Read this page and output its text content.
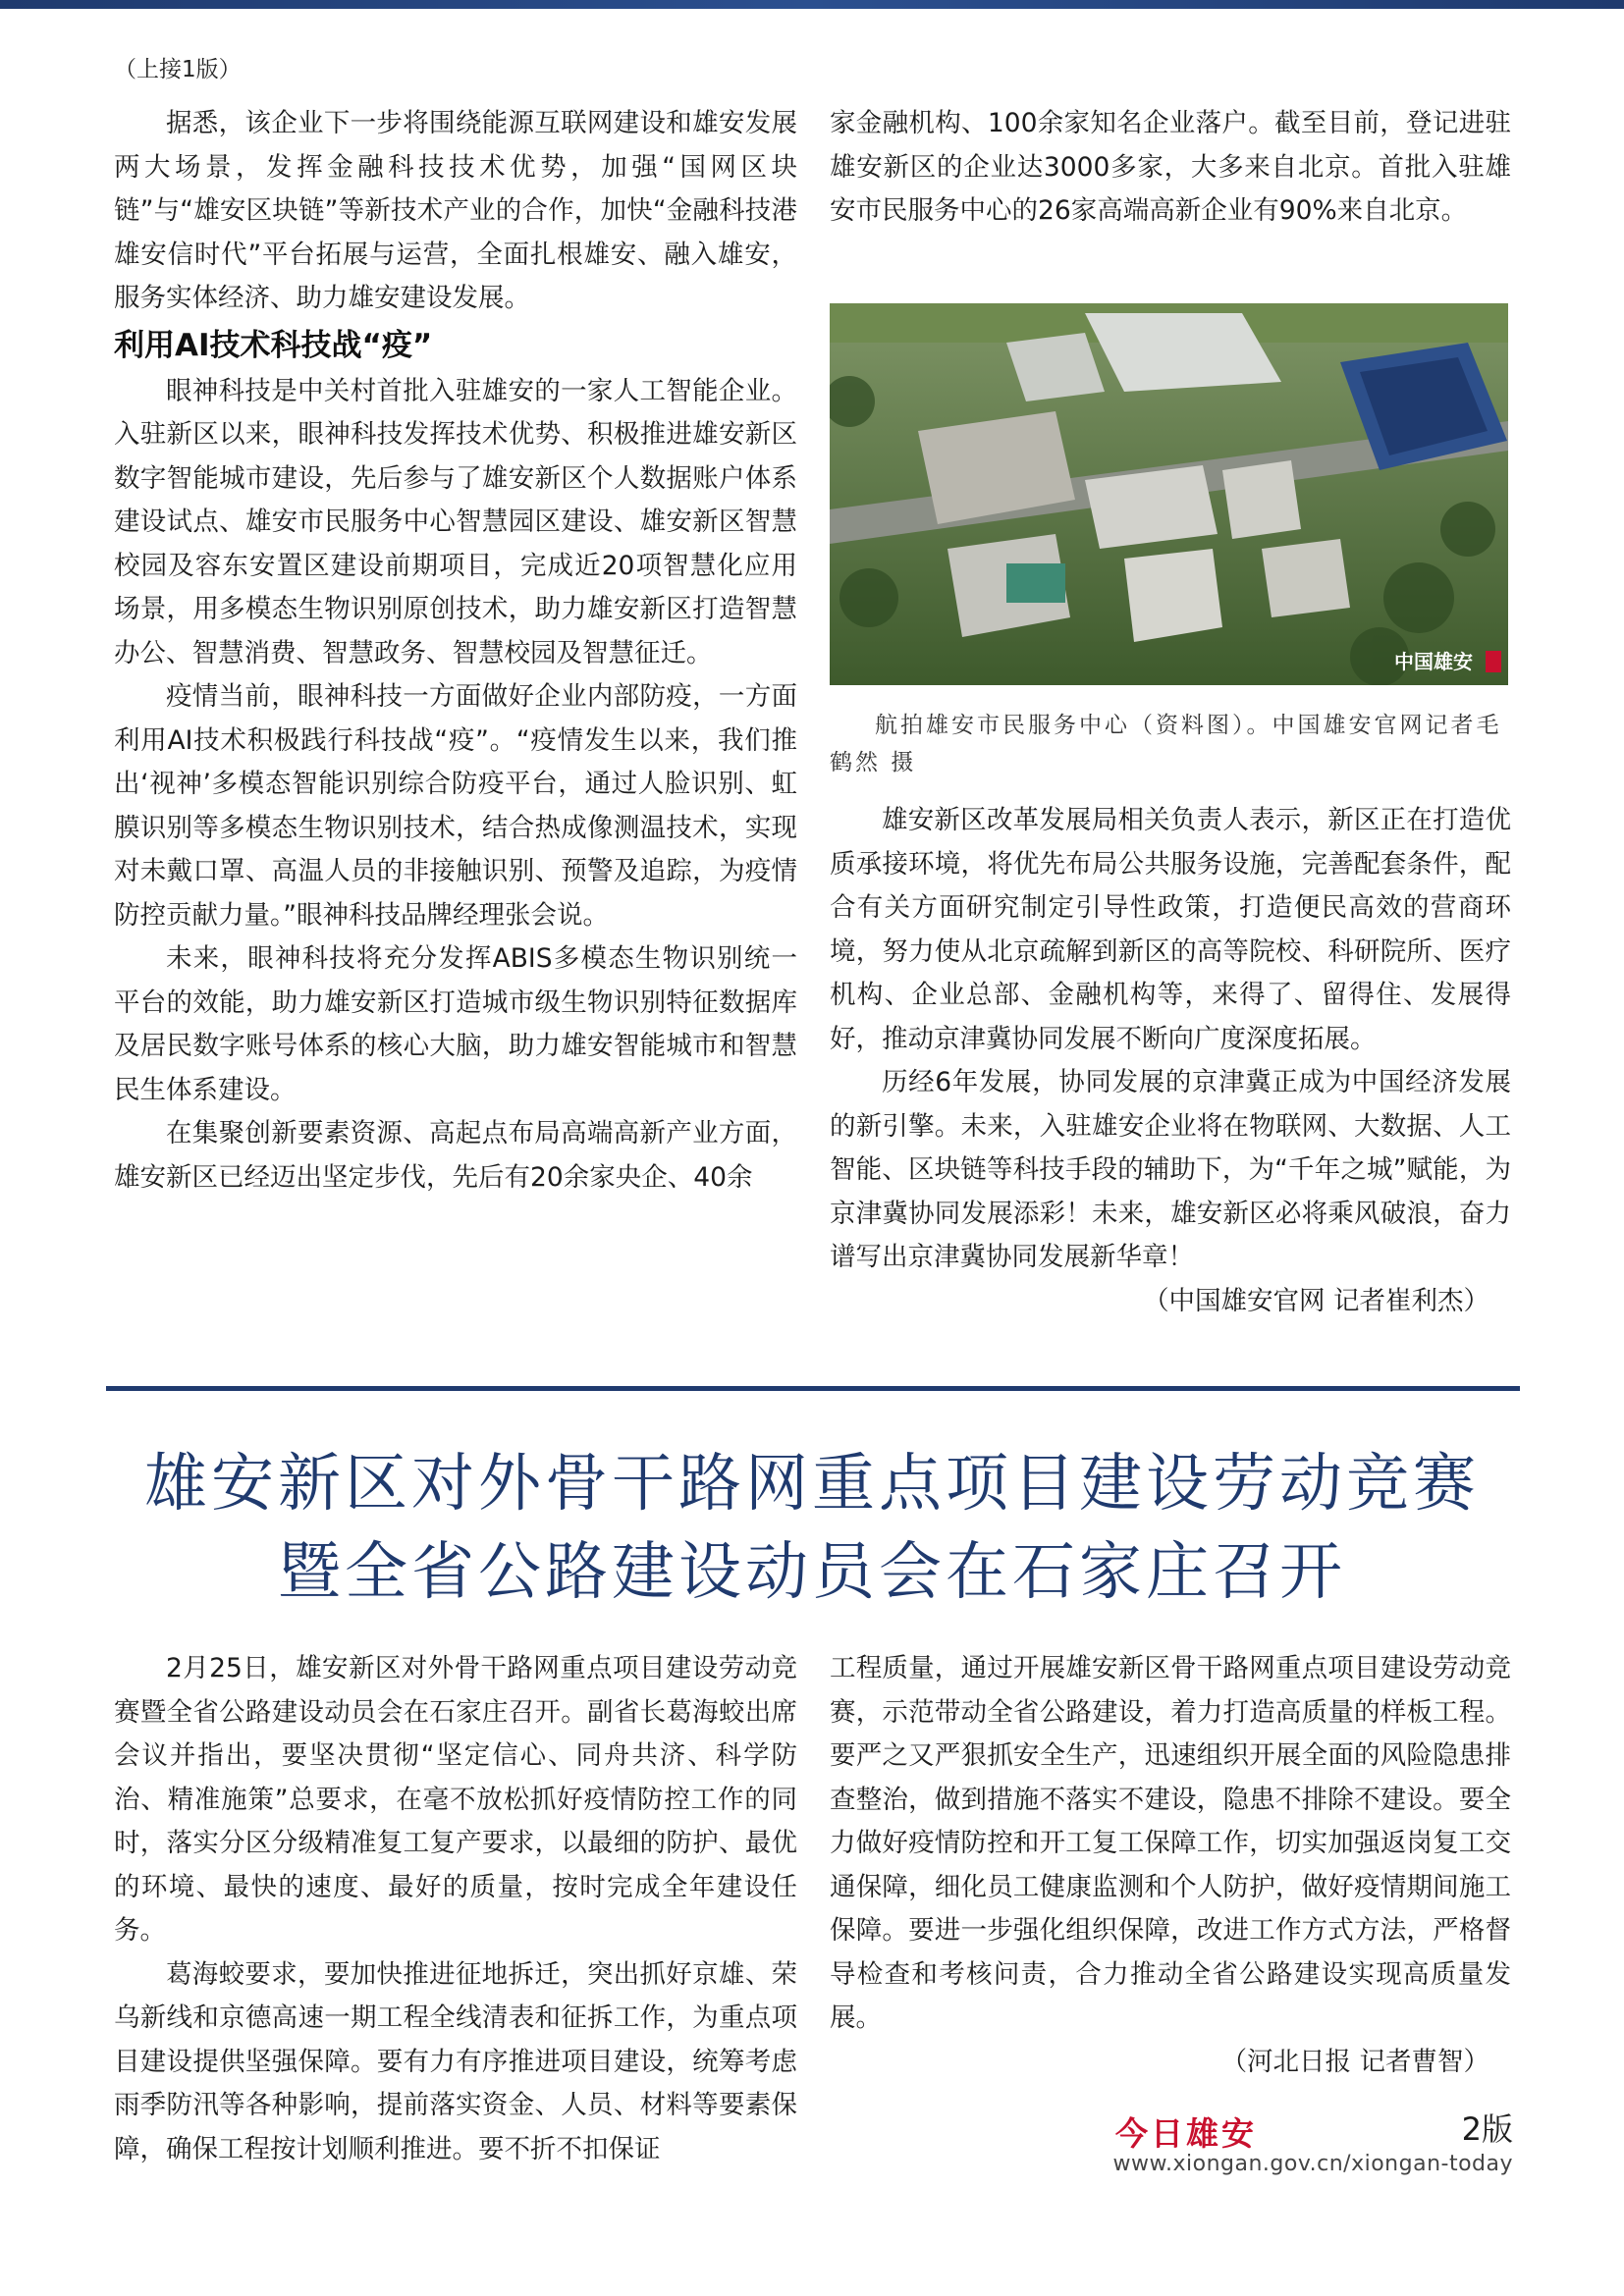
（上接1版）

据悉，该企业下一步将围绕能源互联网建设和雄安发展两大场景，发挥金融科技技术优势，加强“国网区块链”与“雄安区块链”等新技术产业的合作，加快“金融科技港雄安信时代”平台拓展与运营，全面扎根雄安、融入雄安，服务实体经济、助力雄安建设发展。

利用AI技术科技战“疫”

眼神科技是中关村首批入驻雄安的一家人工智能企业。入驻新区以来，眼神科技发挥技术优势、积极推进雄安新区数字智能城市建设，先后参与了雄安新区个人数据账户体系建设试点、雄安市民服务中心智慧园区建设、雄安新区智慧校园及容东安置区建设前期项目，完成近20项智慧化应用场景，用多模态生物识别原创技术，助力雄安新区打造智慧办公、智慧消费、智慧政务、智慧校园及智慧征迁。

疫情当前，眼神科技一方面做好企业内部防疫，一方面利用AI技术积极践行科技战“疫”。“疫情发生以来，我们推出‘视神’多模态智能识别综合防疫平台，通过人脸识别、虹膜识别等多模态生物识别技术，结合热成像测温技术，实现对未戴口罩、高温人员的非接触识别、预警及追踪，为疫情防控贡献力量。”眼神科技品牌经理张会说。

未来，眼神科技将充分发挥ABIS多模态生物识别统一平台的效能，助力雄安新区打造城市级生物识别特征数据库及居民数字账号体系的核心大脑，助力雄安智能城市和智慧民生体系建设。

在集聚创新要素资源、高起点布局高端高新产业方面，雄安新区已经迈出坚定步伐，先后有20余家央企、40余

家金融机构、100余家知名企业落户。截至目前，登记进驻雄安新区的企业达3000多家，大多来自北京。首批入驻雄安市民服务中心的26家高端高新企业有90%来自北京。

中国雄安
航拍雄安市民服务中心（资料图）。中国雄安官网记者毛鹤然 摄

雄安新区改革发展局相关负责人表示，新区正在打造优质承接环境，将优先布局公共服务设施，完善配套条件，配合有关方面研究制定引导性政策，打造便民高效的营商环境，努力使从北京疏解到新区的高等院校、科研院所、医疗机构、企业总部、金融机构等，来得了、留得住、发展得好，推动京津冀协同发展不断向广度深度拓展。

历经6年发展，协同发展的京津冀正成为中国经济发展的新引擎。未来，入驻雄安企业将在物联网、大数据、人工智能、区块链等科技手段的辅助下，为“千年之城”赋能，为京津冀协同发展添彩！未来，雄安新区必将乘风破浪，奋力谱写出京津冀协同发展新华章！

（中国雄安官网 记者崔利杰）

雄安新区对外骨干路网重点项目建设劳动竞赛
暨全省公路建设动员会在石家庄召开

2月25日，雄安新区对外骨干路网重点项目建设劳动竞赛暨全省公路建设动员会在石家庄召开。副省长葛海蛟出席会议并指出，要坚决贯彻“坚定信心、同舟共济、科学防治、精准施策”总要求，在毫不放松抓好疫情防控工作的同时，落实分区分级精准复工复产要求，以最细的防护、最优的环境、最快的速度、最好的质量，按时完成全年建设任务。

葛海蛟要求，要加快推进征地拆迁，突出抓好京雄、荣乌新线和京德高速一期工程全线清表和征拆工作，为重点项目建设提供坚强保障。要有力有序推进项目建设，统筹考虑雨季防汛等各种影响，提前落实资金、人员、材料等要素保障，确保工程按计划顺利推进。要不折不扣保证

工程质量，通过开展雄安新区骨干路网重点项目建设劳动竞赛，示范带动全省公路建设，着力打造高质量的样板工程。要严之又严狠抓安全生产，迅速组织开展全面的风险隐患排查整治，做到措施不落实不建设，隐患不排除不建设。要全力做好疫情防控和开工复工保障工作，切实加强返岗复工交通保障，细化员工健康监测和个人防护，做好疫情期间施工保障。要进一步强化组织保障，改进工作方式方法，严格督导检查和考核问责，合力推动全省公路建设实现高质量发展。

（河北日报 记者曹智）

今日雄安	2版
www.xiongan.gov.cn/xiongan-today
